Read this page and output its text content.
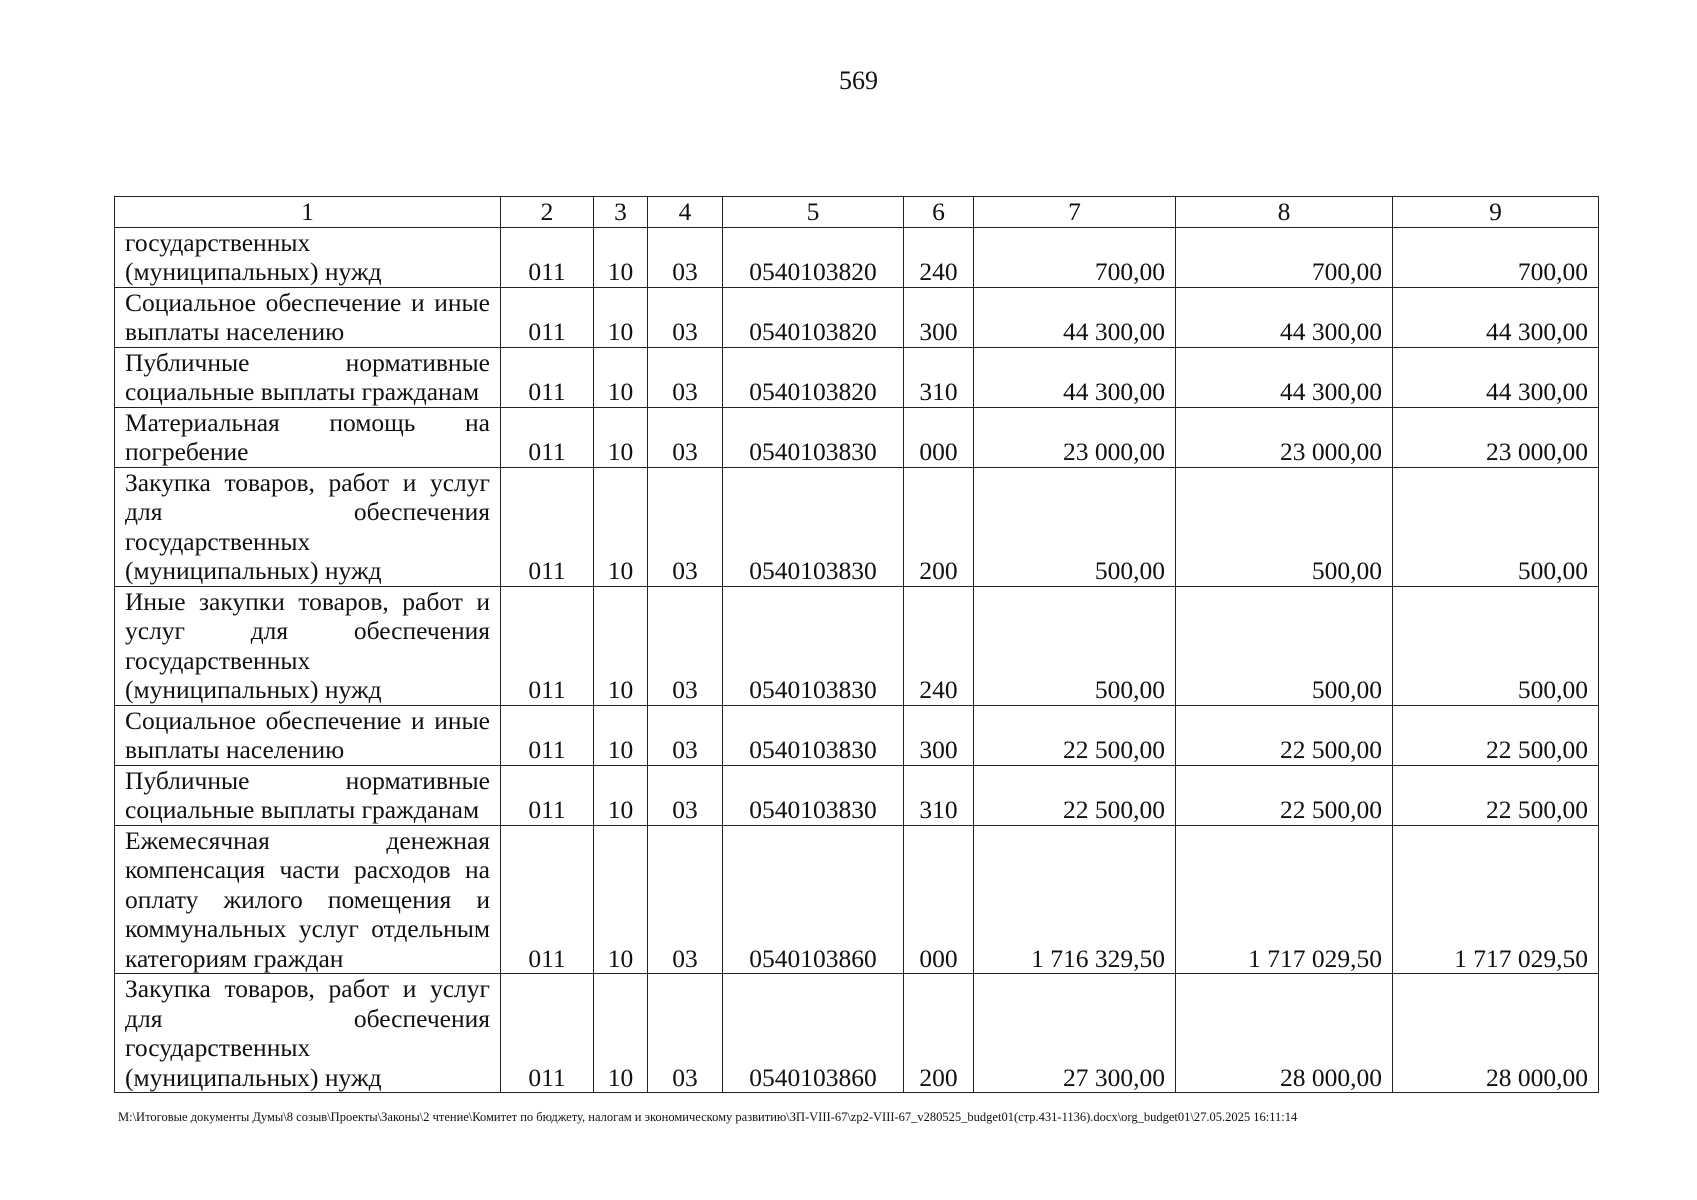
569
1	2	3	4	5	6	7	8	9
государственных (муниципальных) нужд	011	10	03	0540103820	240	700,00	700,00	700,00
Социальное обеспечение и иные выплаты населению	011	10	03	0540103820	300	44 300,00	44 300,00	44 300,00
Публичные нормативные социальные выплаты гражданам	011	10	03	0540103820	310	44 300,00	44 300,00	44 300,00
Материальная помощь на погребение	011	10	03	0540103830	000	23 000,00	23 000,00	23 000,00
Закупка товаров, работ и услуг для обеспечения государственных (муниципальных) нужд	011	10	03	0540103830	200	500,00	500,00	500,00
Иные закупки товаров, работ и услуг для обеспечения государственных (муниципальных) нужд	011	10	03	0540103830	240	500,00	500,00	500,00
Социальное обеспечение и иные выплаты населению	011	10	03	0540103830	300	22 500,00	22 500,00	22 500,00
Публичные нормативные социальные выплаты гражданам	011	10	03	0540103830	310	22 500,00	22 500,00	22 500,00
Ежемесячная денежная компенсация части расходов на оплату жилого помещения и коммунальных услуг отдельным категориям граждан	011	10	03	0540103860	000	1 716 329,50	1 717 029,50	1 717 029,50
Закупка товаров, работ и услуг для обеспечения государственных (муниципальных) нужд	011	10	03	0540103860	200	27 300,00	28 000,00	28 000,00
М:\Итоговые документы Думы\8 созыв\Проекты\Законы\2 чтение\Комитет по бюджету, налогам и экономическому развитию\ЗП-VIII-67\zp2-VIII-67_v280525_budget01(стр.431-1136).docx\org_budget01\27.05.2025 16:11:14
